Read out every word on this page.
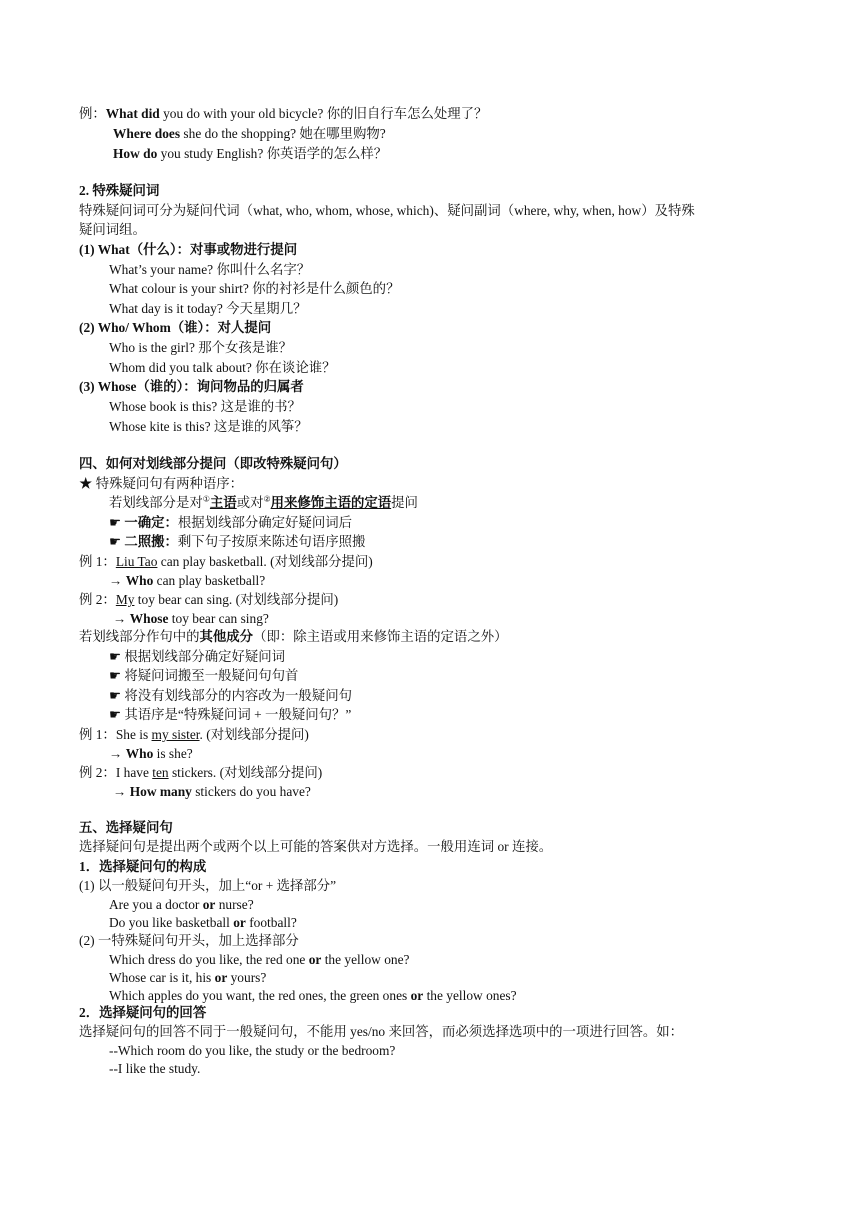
例：What did you do with your old bicycle? 你的旧自行车怎么处理了？
Where does she do the shopping? 她在哪里购物?
How do you study English? 你英语学的怎么样？
2. 特殊疑问词
特殊疑问词可分为疑问代词（what, who, whom, whose, which)、疑问副词（where, why, when, how）及特殊
疑问词组。
(1) What（什么）：对事或物进行提问
What’s your name? 你叫什么名字？
What colour is your shirt? 你的衬衫是什么颜色的？
What day is it today? 今天星期几？
(2) Who/ Whom（谁）：对人提问
Who is the girl? 那个女孩是谁？
Whom did you talk about? 你在谈论谁？
(3) Whose（谁的）：询问物品的归属者
Whose book is this? 这是谁的书？
Whose kite is this? 这是谁的风筝？
四、如何对划线部分提问（即改特殊疑问句）
★ 特殊疑问句有两种语序：
若划线部分是对①主语或对②用来修饰主语的定语提问
☛ 一确定：根据划线部分确定好疑问词后
☛ 二照搬：剩下句子按原来陈述句语序照搬
例 1：Liu Tao can play basketball. (对划线部分提问)
→ Who can play basketball?
例 2：My toy bear can sing. (对划线部分提问)
→ Whose toy bear can sing?
若划线部分作句中的其他成分（即：除主语或用来修饰主语的定语之外）
☛ 根据划线部分确定好疑问词
☛ 将疑问词搬至一般疑问句句首
☛ 将没有划线部分的内容改为一般疑问句
☛ 其语序是“特殊疑问词 + 一般疑问句？”
例 1：She is my sister. (对划线部分提问)
→ Who is she?
例 2：I have ten stickers. (对划线部分提问)
→ How many stickers do you have?
五、选择疑问句
选择疑问句是提出两个或两个以上可能的答案供对方选择。一般用连词 or 连接。
1．选择疑问句的构成
(1) 以一般疑问句开头，加上“or + 选择部分”
Are you a doctor or nurse?
Do you like basketball or football?
(2) 一特殊疑问句开头，加上选择部分
Which dress do you like, the red one or the yellow one?
Whose car is it, his or yours?
Which apples do you want, the red ones, the green ones or the yellow ones?
2．选择疑问句的回答
选择疑问句的回答不同于一般疑问句，不能用 yes/no 来回答，而必须选择选项中的一项进行回答。如：
--Which room do you like, the study or the bedroom?
--I like the study.
